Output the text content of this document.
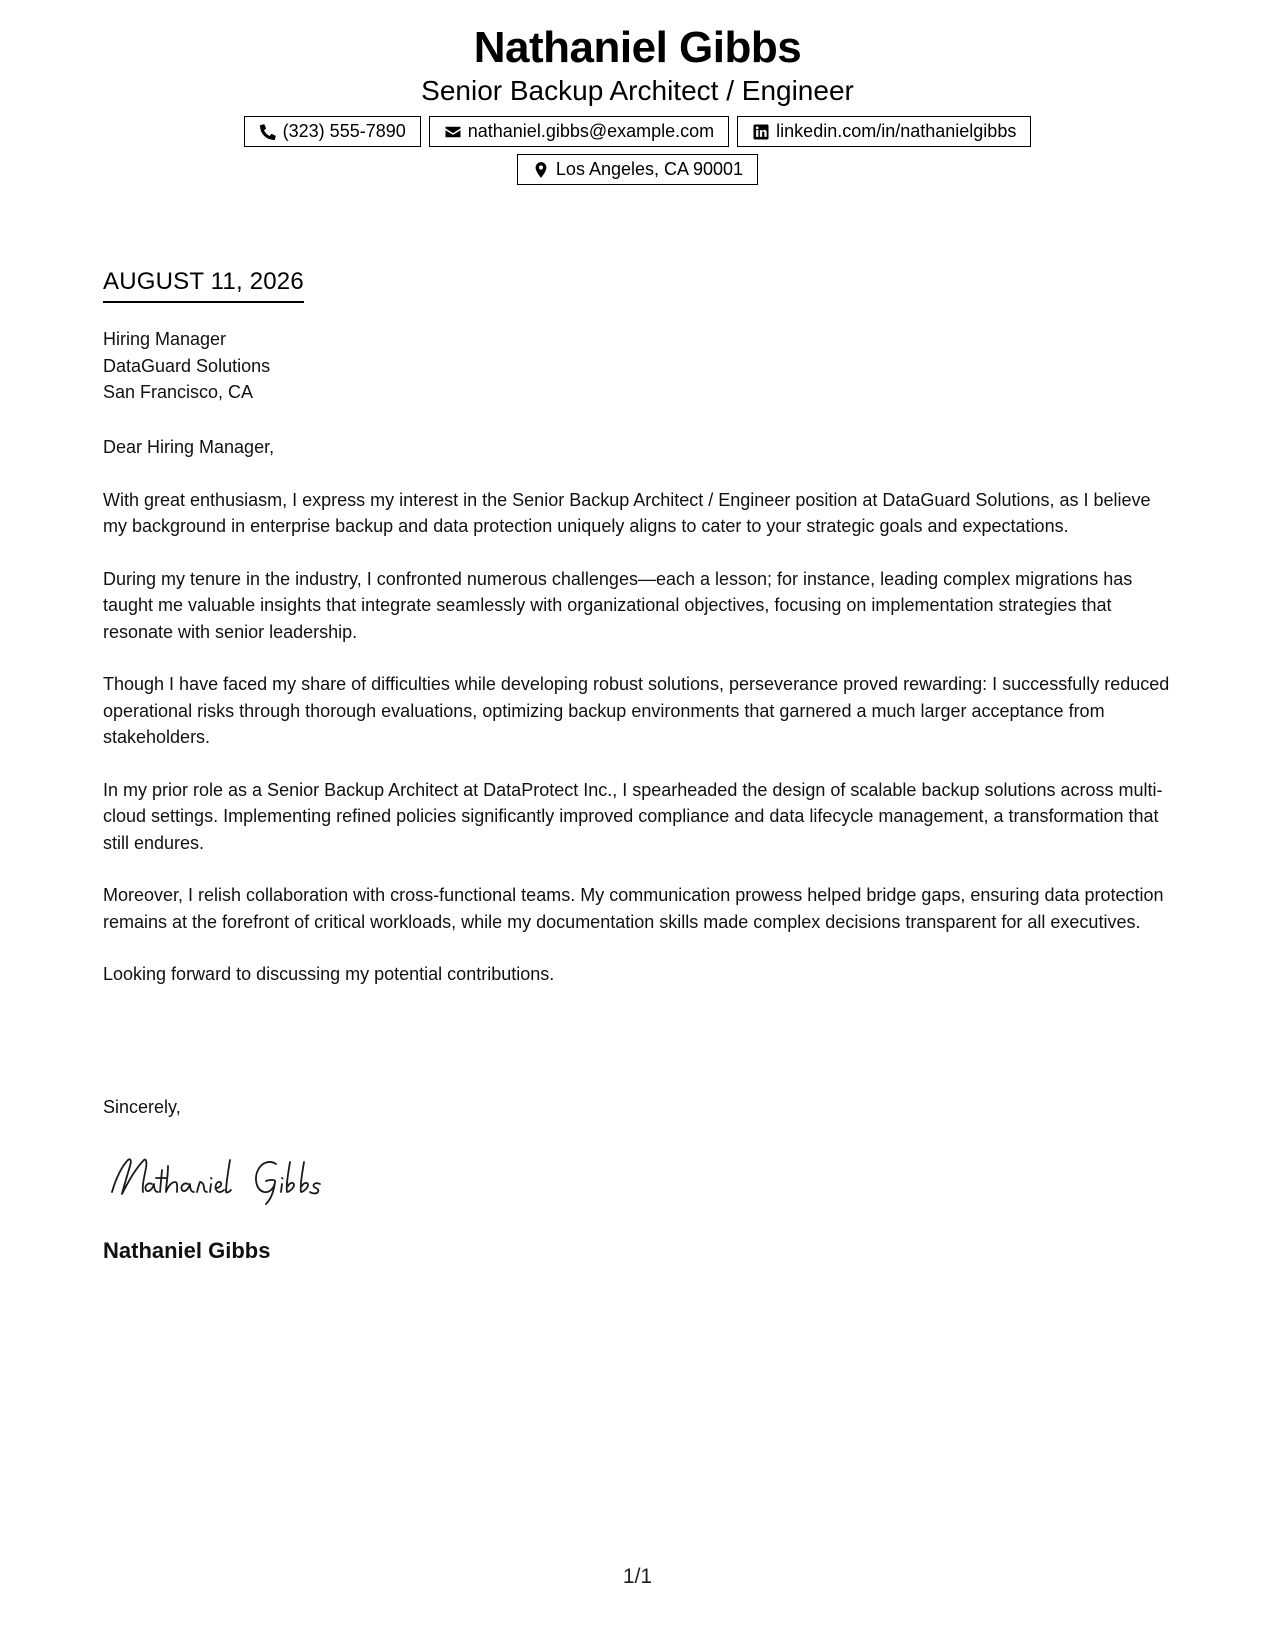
Nathaniel Gibbs
Senior Backup Architect / Engineer
(323) 555-7890	nathaniel.gibbs@example.com	linkedin.com/in/nathanielgibbs
Los Angeles, CA 90001
AUGUST 11, 2026
Hiring Manager
DataGuard Solutions
San Francisco, CA

Dear Hiring Manager,

With great enthusiasm, I express my interest in the Senior Backup Architect / Engineer position at DataGuard Solutions, as I believe my background in enterprise backup and data protection uniquely aligns to cater to your strategic goals and expectations.

During my tenure in the industry, I confronted numerous challenges—each a lesson; for instance, leading complex migrations has taught me valuable insights that integrate seamlessly with organizational objectives, focusing on implementation strategies that resonate with senior leadership.

Though I have faced my share of difficulties while developing robust solutions, perseverance proved rewarding: I successfully reduced operational risks through thorough evaluations, optimizing backup environments that garnered a much larger acceptance from stakeholders.

In my prior role as a Senior Backup Architect at DataProtect Inc., I spearheaded the design of scalable backup solutions across multi-cloud settings. Implementing refined policies significantly improved compliance and data lifecycle management, a transformation that still endures.

Moreover, I relish collaboration with cross-functional teams. My communication prowess helped bridge gaps, ensuring data protection remains at the forefront of critical workloads, while my documentation skills made complex decisions transparent for all executives.

Looking forward to discussing my potential contributions.

Sincerely,
Nathaniel Gibbs
1/1
